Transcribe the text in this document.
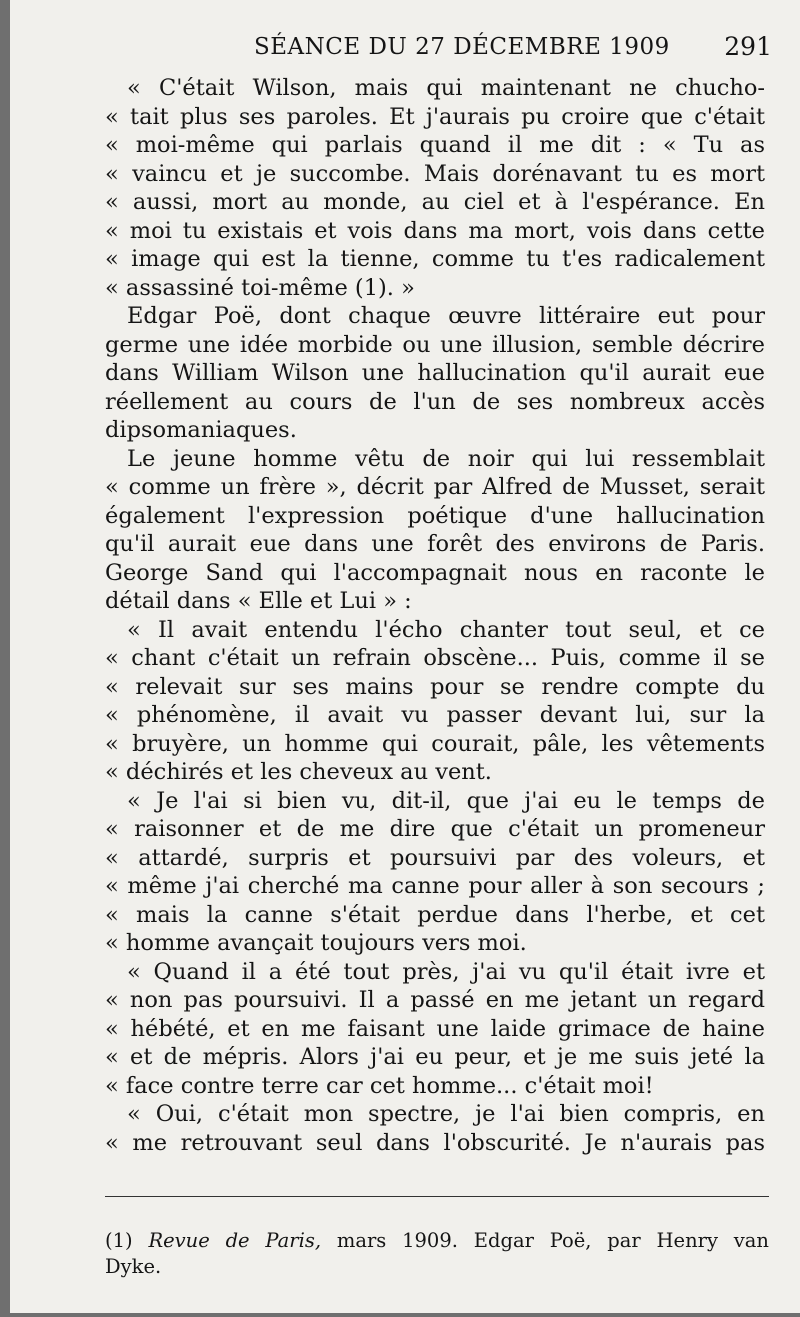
SÉANCE DU 27 DÉCEMBRE 1909 291
« C'était Wilson, mais qui maintenant ne chucho-
« tait plus ses paroles. Et j'aurais pu croire que c'était
« moi-même qui parlais quand il me dit : « Tu as
« vaincu et je succombe. Mais dorénavant tu es mort
« aussi, mort au monde, au ciel et à l'espérance. En
« moi tu existais et vois dans ma mort, vois dans cette
« image qui est la tienne, comme tu t'es radicalement
« assassiné toi-même (1). »
Edgar Poë, dont chaque œuvre littéraire eut pour
germe une idée morbide ou une illusion, semble décrire
dans William Wilson une hallucination qu'il aurait eue
réellement au cours de l'un de ses nombreux accès
dipsomaniaques.
Le jeune homme vêtu de noir qui lui ressemblait
« comme un frère », décrit par Alfred de Musset, serait
également l'expression poétique d'une hallucination
qu'il aurait eue dans une forêt des environs de Paris.
George Sand qui l'accompagnait nous en raconte le
détail dans « Elle et Lui » :
« Il avait entendu l'écho chanter tout seul, et ce
« chant c'était un refrain obscène... Puis, comme il se
« relevait sur ses mains pour se rendre compte du
« phénomène, il avait vu passer devant lui, sur la
« bruyère, un homme qui courait, pâle, les vêtements
« déchirés et les cheveux au vent.
« Je l'ai si bien vu, dit-il, que j'ai eu le temps de
« raisonner et de me dire que c'était un promeneur
« attardé, surpris et poursuivi par des voleurs, et
« même j'ai cherché ma canne pour aller à son secours ;
« mais la canne s'était perdue dans l'herbe, et cet
« homme avançait toujours vers moi.
« Quand il a été tout près, j'ai vu qu'il était ivre et
« non pas poursuivi. Il a passé en me jetant un regard
« hébété, et en me faisant une laide grimace de haine
« et de mépris. Alors j'ai eu peur, et je me suis jeté la
« face contre terre car cet homme... c'était moi!
« Oui, c'était mon spectre, je l'ai bien compris, en
« me retrouvant seul dans l'obscurité. Je n'aurais pas
(1) Revue de Paris, mars 1909. Edgar Poë, par Henry van
Dyke.
